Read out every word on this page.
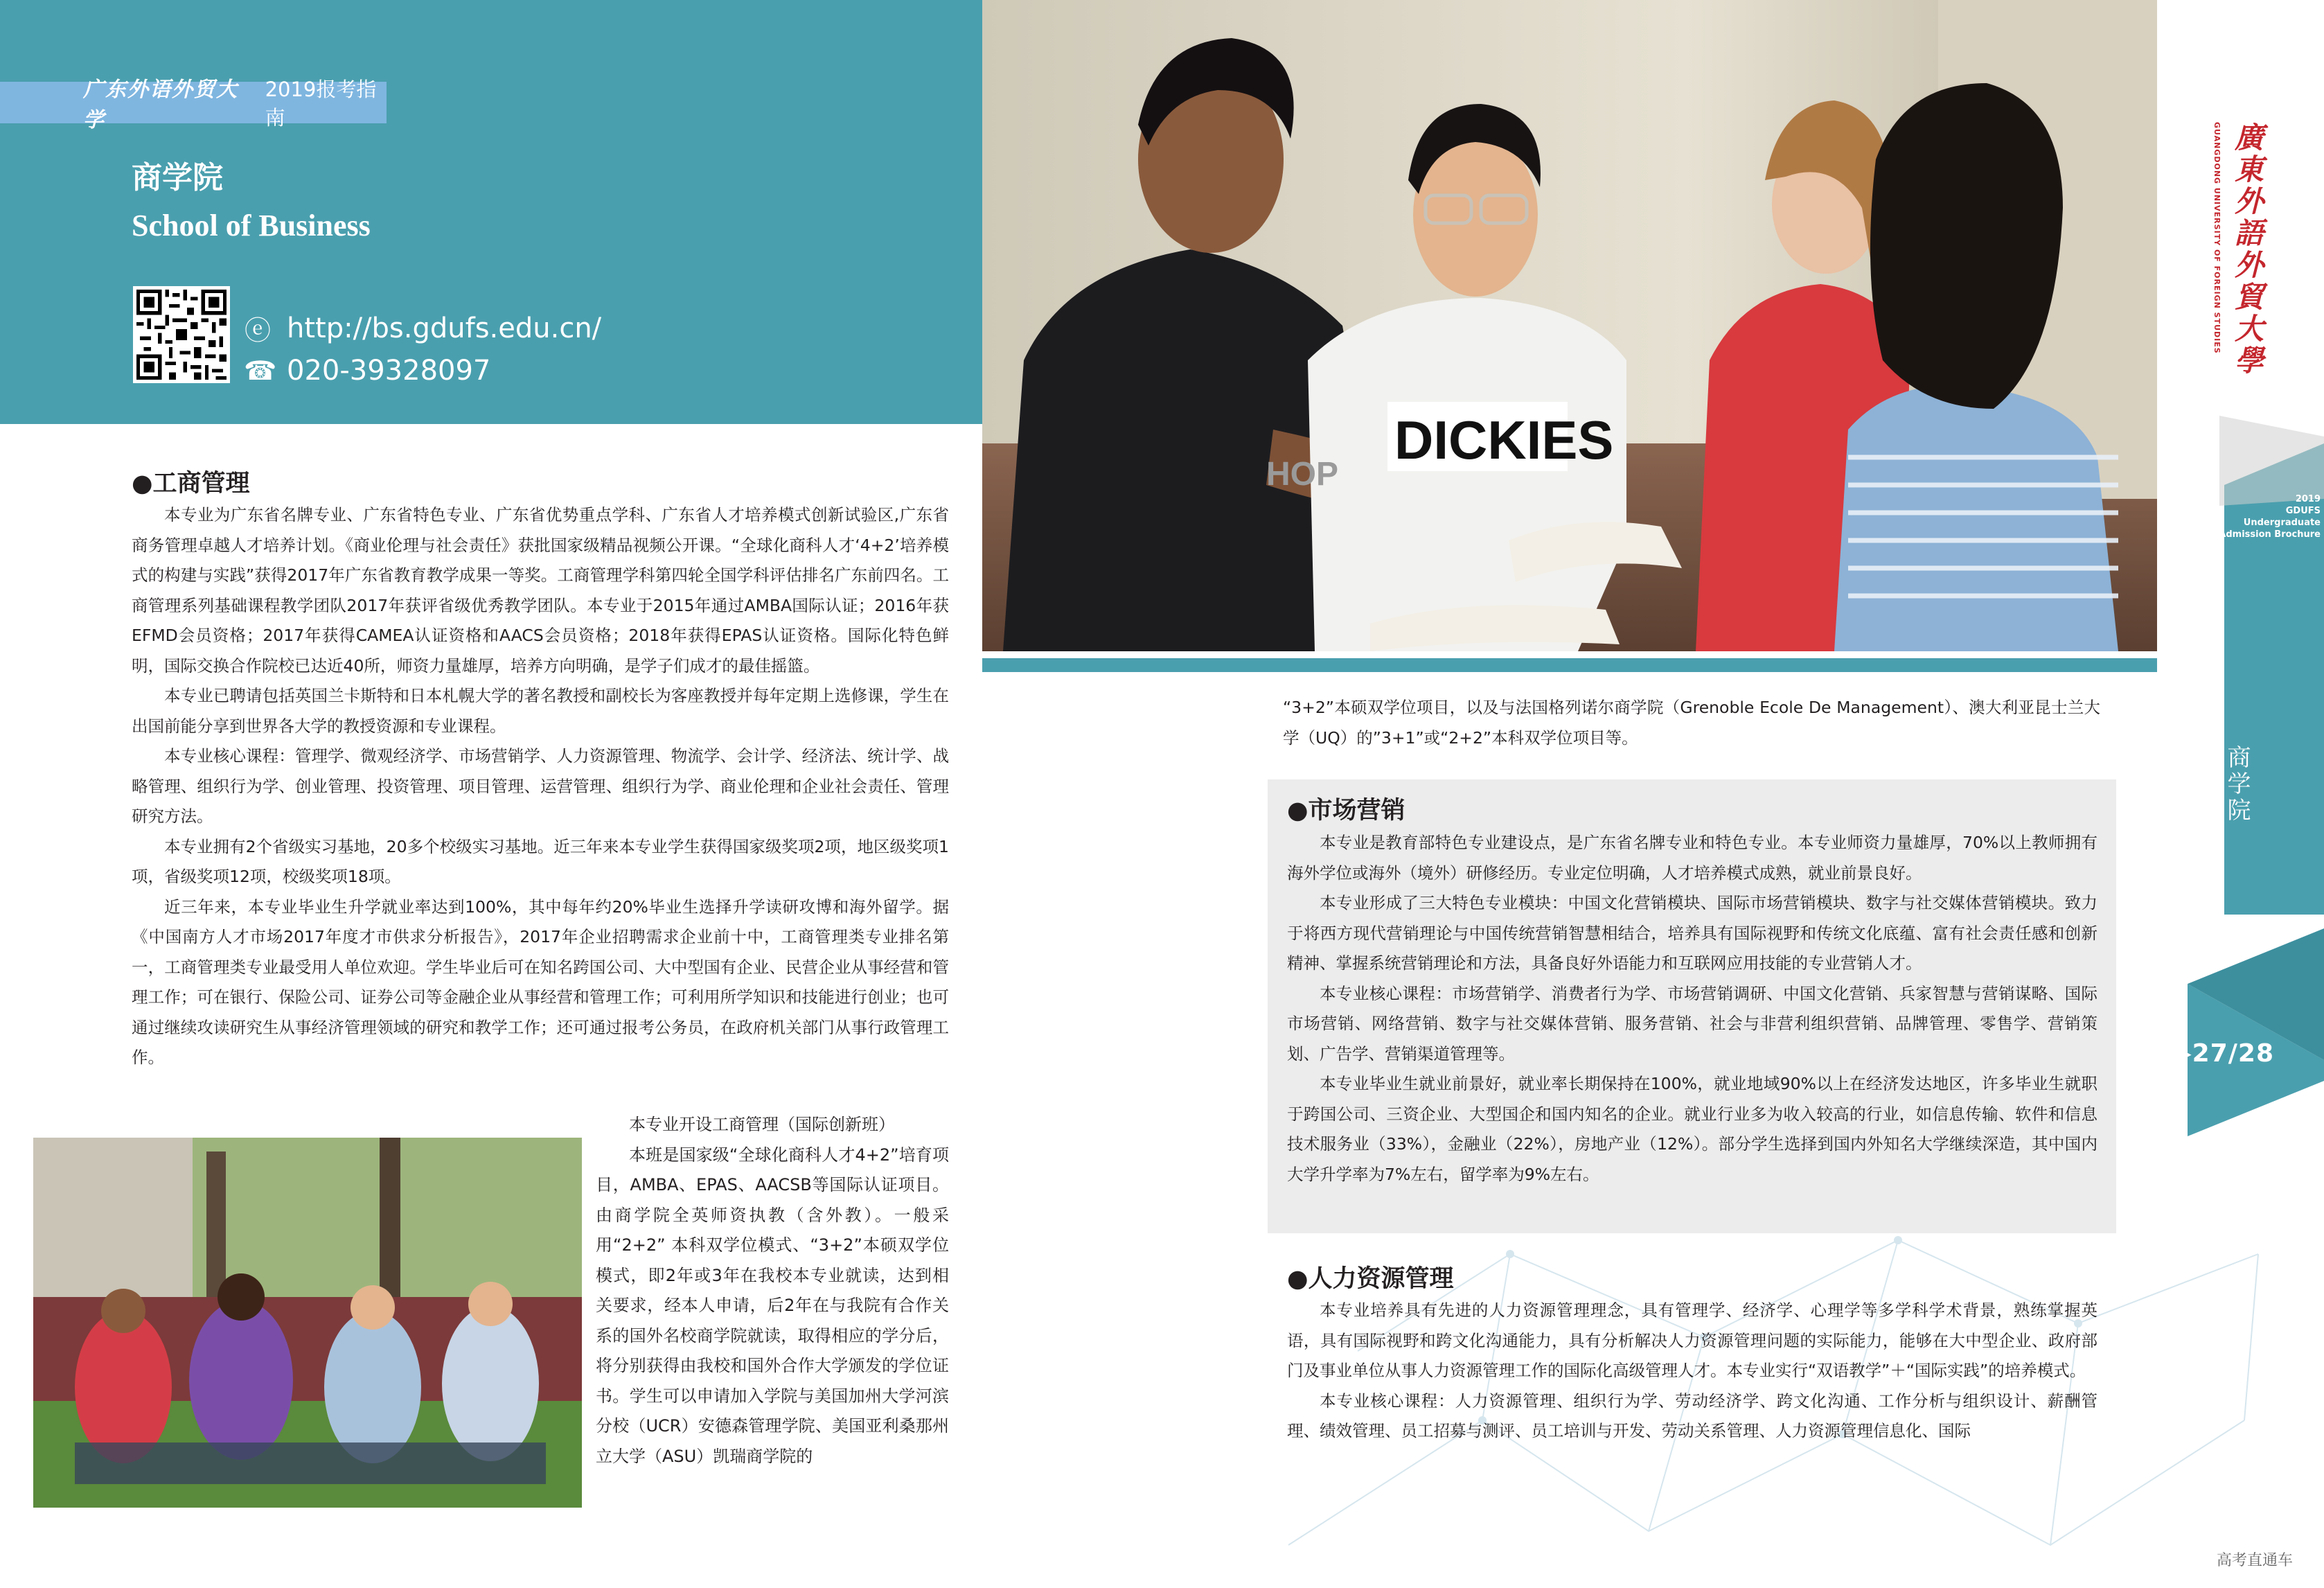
广东外语外贸大学
2019报考指南
商学院
School of Business
ⓔ http://bs.gdufs.edu.cn/
☎ 020-39328097
DICKIES
HOP
GUANGDONG UNIVERSITY OF FOREIGN STUDIES 廣東外語外貿大學
2019
GDUFS
Undergraduate
Admission Brochure
商学院
▶27/28
●工商管理

本专业为广东省名牌专业、广东省特色专业、广东省优势重点学科、广东省人才培养模式创新试验区,广东省商务管理卓越人才培养计划。《商业伦理与社会责任》获批国家级精品视频公开课。“全球化商科人才‘4+2’培养模式的构建与实践”获得2017年广东省教育教学成果一等奖。工商管理学科第四轮全国学科评估排名广东前四名。工商管理系列基础课程教学团队2017年获评省级优秀教学团队。本专业于2015年通过AMBA国际认证；2016年获EFMD会员资格；2017年获得CAMEA认证资格和AACS会员资格；2018年获得EPAS认证资格。国际化特色鲜明，国际交换合作院校已达近40所，师资力量雄厚，培养方向明确，是学子们成才的最佳摇篮。

本专业已聘请包括英国兰卡斯特和日本札幌大学的著名教授和副校长为客座教授并每年定期上选修课，学生在出国前能分享到世界各大学的教授资源和专业课程。

本专业核心课程：管理学、微观经济学、市场营销学、人力资源管理、物流学、会计学、经济法、统计学、战略管理、组织行为学、创业管理、投资管理、项目管理、运营管理、组织行为学、商业伦理和企业社会责任、管理研究方法。

本专业拥有2个省级实习基地，20多个校级实习基地。近三年来本专业学生获得国家级奖项2项，地区级奖项1项，省级奖项12项，校级奖项18项。

近三年来，本专业毕业生升学就业率达到100%，其中每年约20%毕业生选择升学读研攻博和海外留学。据《中国南方人才市场2017年度才市供求分析报告》，2017年企业招聘需求企业前十中，工商管理类专业排名第一，工商管理类专业最受用人单位欢迎。学生毕业后可在知名跨国公司、大中型国有企业、民营企业从事经营和管理工作；可在银行、保险公司、证券公司等金融企业从事经营和管理工作；可利用所学知识和技能进行创业；也可通过继续攻读研究生从事经济管理领域的研究和教学工作；还可通过报考公务员，在政府机关部门从事行政管理工作。

本专业开设工商管理（国际创新班）

本班是国家级“全球化商科人才4+2”培育项目，AMBA、EPAS、AACSB等国际认证项目。由商学院全英师资执教（含外教）。一般采用“2+2” 本科双学位模式、“3+2”本硕双学位模式，即2年或3年在我校本专业就读，达到相关要求，经本人申请，后2年在与我院有合作关系的国外名校商学院就读，取得相应的学分后，将分别获得由我校和国外合作大学颁发的学位证书。学生可以申请加入学院与美国加州大学河滨分校（UCR）安德森管理学院、美国亚利桑那州立大学（ASU）凯瑞商学院的

“3+2”本硕双学位项目，以及与法国格列诺尔商学院（Grenoble Ecole De Management）、澳大利亚昆士兰大学（UQ）的”3+1”或“2+2”本科双学位项目等。

●市场营销

本专业是教育部特色专业建设点，是广东省名牌专业和特色专业。本专业师资力量雄厚，70%以上教师拥有海外学位或海外（境外）研修经历。专业定位明确，人才培养模式成熟，就业前景良好。

本专业形成了三大特色专业模块：中国文化营销模块、国际市场营销模块、数字与社交媒体营销模块。致力于将西方现代营销理论与中国传统营销智慧相结合，培养具有国际视野和传统文化底蕴、富有社会责任感和创新精神、掌握系统营销理论和方法，具备良好外语能力和互联网应用技能的专业营销人才。

本专业核心课程：市场营销学、消费者行为学、市场营销调研、中国文化营销、兵家智慧与营销谋略、国际市场营销、网络营销、数字与社交媒体营销、服务营销、社会与非营利组织营销、品牌管理、零售学、营销策划、广告学、营销渠道管理等。

本专业毕业生就业前景好，就业率长期保持在100%，就业地域90%以上在经济发达地区，许多毕业生就职于跨国公司、三资企业、大型国企和国内知名的企业。就业行业多为收入较高的行业，如信息传输、软件和信息技术服务业（33%），金融业（22%），房地产业（12%）。部分学生选择到国内外知名大学继续深造，其中国内大学升学率为7%左右，留学率为9%左右。

●人力资源管理

本专业培养具有先进的人力资源管理理念，具有管理学、经济学、心理学等多学科学术背景，熟练掌握英语，具有国际视野和跨文化沟通能力，具有分析解决人力资源管理问题的实际能力，能够在大中型企业、政府部门及事业单位从事人力资源管理工作的国际化高级管理人才。本专业实行“双语教学”＋“国际实践”的培养模式。

本专业核心课程：人力资源管理、组织行为学、劳动经济学、跨文化沟通、工作分析与组织设计、薪酬管理、绩效管理、员工招募与测评、员工培训与开发、劳动关系管理、人力资源管理信息化、国际

高考直通车
